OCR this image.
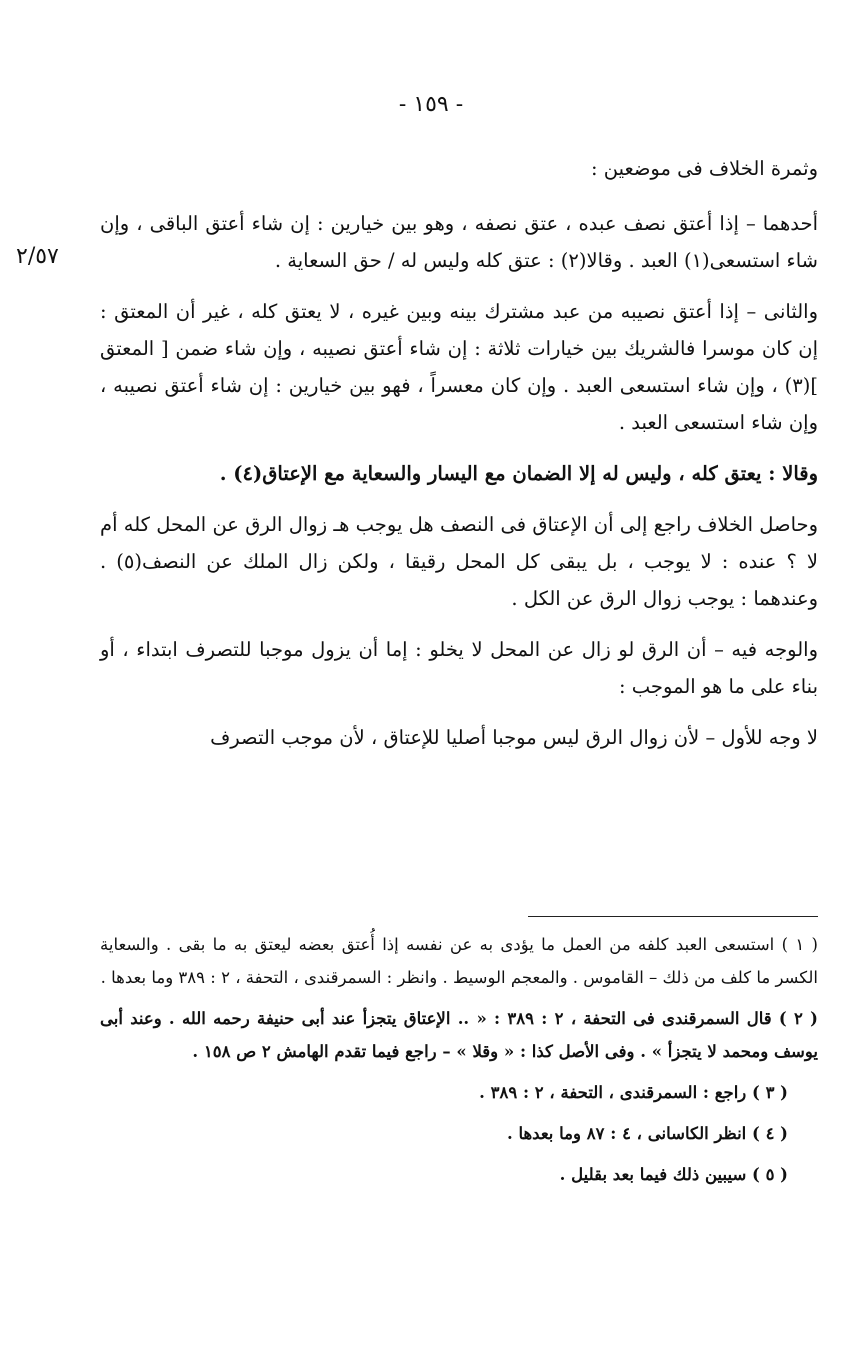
- ١٥٩ -
٢/٥٧

وثمرة الخلاف فى موضعين :

أحدهما – إذا أعتق نصف عبده ، عتق نصفه ، وهو بين خيارين : إن شاء أعتق الباقى ، وإن شاء استسعى(١) العبد . وقالا(٢) : عتق كله وليس له / حق السعاية .

والثانى – إذا أعتق نصيبه من عبد مشترك بينه وبين غيره ، لا يعتق كله ، غير أن المعتق : إن كان موسرا فالشريك بين خيارات ثلاثة : إن شاء أعتق نصيبه ، وإن شاء ضمن [ المعتق ](٣) ، وإن شاء استسعى العبد . وإن كان معسراً ، فهو بين خيارين : إن شاء أعتق نصيبه ، وإن شاء استسعى العبد .

وقالا : يعتق كله ، وليس له إلا الضمان مع اليسار والسعاية مع الإعتاق(٤) .

وحاصل الخلاف راجع إلى أن الإعتاق فى النصف هل يوجب هـ زوال الرق عن المحل كله أم لا ؟ عنده : لا يوجب ، بل يبقى كل المحل رقيقا ، ولكن زال الملك عن النصف(٥) . وعندهما : يوجب زوال الرق عن الكل .

والوجه فيه – أن الرق لو زال عن المحل لا يخلو : إما أن يزول موجبا للتصرف ابتداء ، أو بناء على ما هو الموجب :

لا وجه للأول – لأن زوال الرق ليس موجبا أصليا للإعتاق ، لأن موجب التصرف

( ١ ) استسعى العبد كلفه من العمل ما يؤدى به عن نفسه إذا أُعتق بعضه ليعتق به ما بقى . والسعاية الكسر ما كلف من ذلك – القاموس . والمعجم الوسيط . وانظر : السمرقندى ، التحفة ، ٢ : ٣٨٩ وما بعدها .

( ٢ ) قال السمرقندى فى التحفة ، ٢ : ٣٨٩ : « .. الإعتاق يتجزأ عند أبى حنيفة رحمه الله . وعند أبى يوسف ومحمد لا يتجزأ » . وفى الأصل كذا : « وقلا » – راجع فيما تقدم الهامش ٢ ص ١٥٨ .

( ٣ ) راجع : السمرقندى ، التحفة ، ٢ : ٣٨٩ .

( ٤ ) انظر الكاسانى ، ٤ : ٨٧ وما بعدها .

( ٥ ) سيبين ذلك فيما بعد بقليل .
